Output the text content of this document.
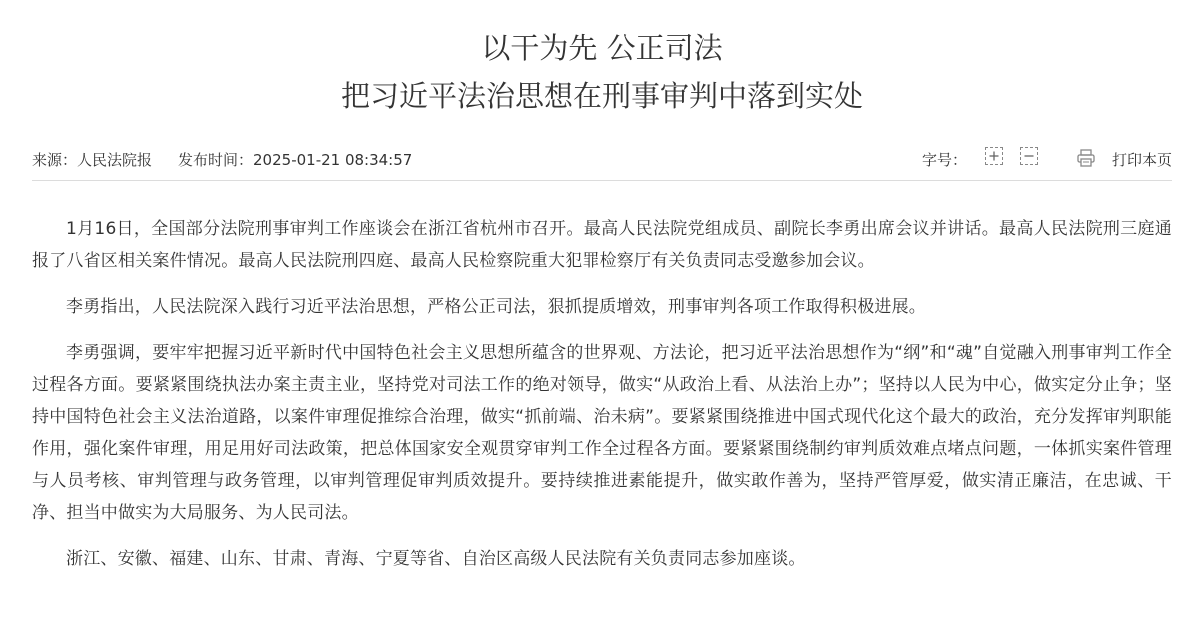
以干为先 公正司法
把习近平法治思想在刑事审判中落到实处
来源：人民法院报 发布时间：2025-01-21 08:34:57	字号：	打印本页

1月16日，全国部分法院刑事审判工作座谈会在浙江省杭州市召开。最高人民法院党组成员、副院长李勇出席会议并讲话。最高人民法院刑三庭通报了八省区相关案件情况。最高人民法院刑四庭、最高人民检察院重大犯罪检察厅有关负责同志受邀参加会议。

李勇指出，人民法院深入践行习近平法治思想，严格公正司法，狠抓提质增效，刑事审判各项工作取得积极进展。

李勇强调，要牢牢把握习近平新时代中国特色社会主义思想所蕴含的世界观、方法论，把习近平法治思想作为“纲”和“魂”自觉融入刑事审判工作全过程各方面。要紧紧围绕执法办案主责主业，坚持党对司法工作的绝对领导，做实“从政治上看、从法治上办”；坚持以人民为中心，做实定分止争；坚持中国特色社会主义法治道路，以案件审理促推综合治理，做实“抓前端、治未病”。要紧紧围绕推进中国式现代化这个最大的政治，充分发挥审判职能作用，强化案件审理，用足用好司法政策，把总体国家安全观贯穿审判工作全过程各方面。要紧紧围绕制约审判质效难点堵点问题，一体抓实案件管理与人员考核、审判管理与政务管理，以审判管理促审判质效提升。要持续推进素能提升，做实敢作善为，坚持严管厚爱，做实清正廉洁，在忠诚、干净、担当中做实为大局服务、为人民司法。

浙江、安徽、福建、山东、甘肃、青海、宁夏等省、自治区高级人民法院有关负责同志参加座谈。
